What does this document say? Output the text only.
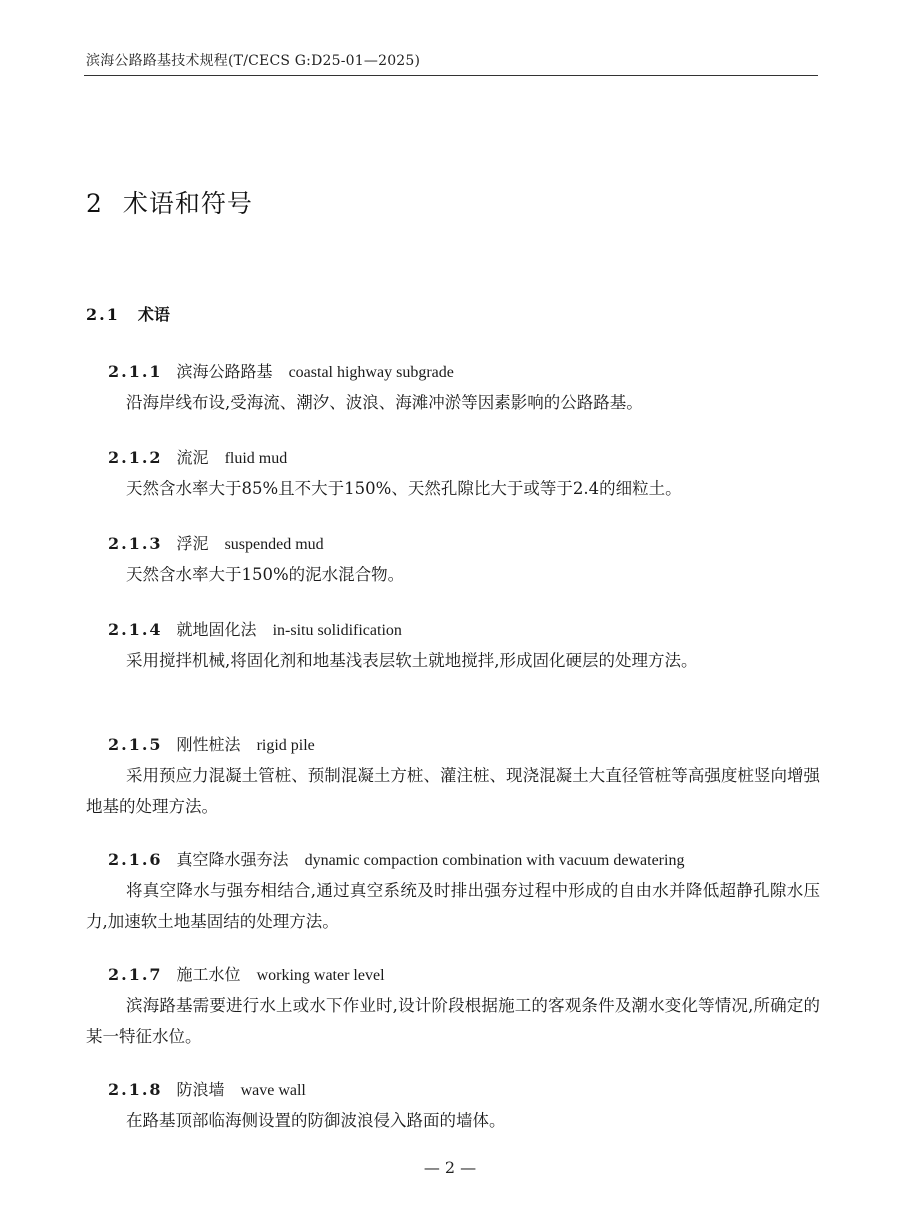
滨海公路路基技术规程(T/CECS G:D25-01—2025)
2 术语和符号
2.1 术语
2.1.1 滨海公路路基 coastal highway subgrade

沿海岸线布设,受海流、潮汐、波浪、海滩冲淤等因素影响的公路路基。

2.1.2 流泥 fluid mud

天然含水率大于85%且不大于150%、天然孔隙比大于或等于2.4的细粒土。

2.1.3 浮泥 suspended mud

天然含水率大于150%的泥水混合物。

2.1.4 就地固化法 in-situ solidification

采用搅拌机械,将固化剂和地基浅表层软土就地搅拌,形成固化硬层的处理方法。

2.1.5 刚性桩法 rigid pile

采用预应力混凝土管桩、预制混凝土方桩、灌注桩、现浇混凝土大直径管桩等高强度桩竖向增强地基的处理方法。

2.1.6 真空降水强夯法 dynamic compaction combination with vacuum dewatering

将真空降水与强夯相结合,通过真空系统及时排出强夯过程中形成的自由水并降低超静孔隙水压力,加速软土地基固结的处理方法。

2.1.7 施工水位 working water level

滨海路基需要进行水上或水下作业时,设计阶段根据施工的客观条件及潮水变化等情况,所确定的某一特征水位。

2.1.8 防浪墙 wave wall

在路基顶部临海侧设置的防御波浪侵入路面的墙体。

— 2 —
